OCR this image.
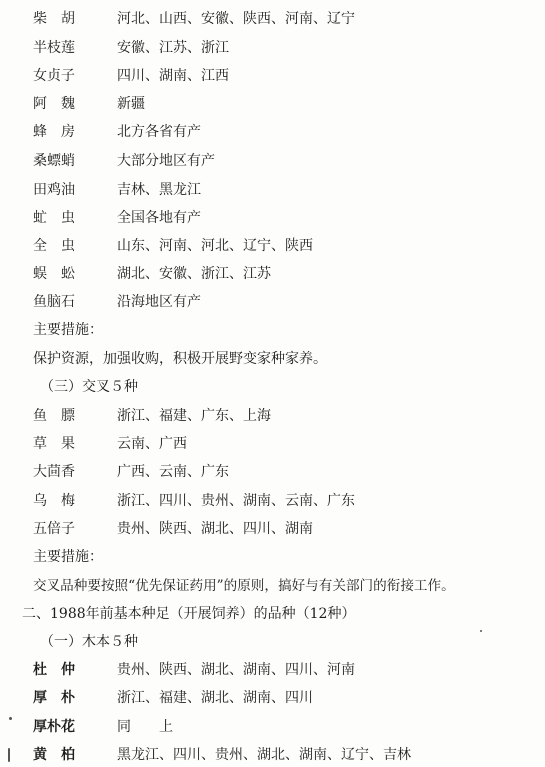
柴　胡	河北、山西、安徽、陕西、河南、辽宁
半枝莲	安徽、江苏、浙江
女贞子	四川、湖南、江西
阿　魏	新疆
蜂　房	北方各省有产
桑螵蛸	大部分地区有产
田鸡油	吉林、黑龙江
虻　虫	全国各地有产
全　虫	山东、河南、河北、辽宁、陕西
蜈　蚣	湖北、安徽、浙江、江苏
鱼脑石	沿海地区有产
主要措施：
保护资源，加强收购，积极开展野变家种家养。
（三）交叉５种
鱼　膘	浙江、福建、广东、上海
草　果	云南、广西
大茴香	广西、云南、广东
乌　梅	浙江、四川、贵州、湖南、云南、广东
五倍子	贵州、陕西、湖北、四川、湖南
主要措施：
交叉品种要按照“优先保证药用”的原则，搞好与有关部门的衔接工作。
二、1988年前基本种足（开展饲养）的品种（12种）
（一）木本５种
杜　仲	贵州、陕西、湖北、湖南、四川、河南
厚　朴	浙江、福建、湖北、湖南、四川
厚朴花	同　　上
黄　柏	黑龙江、四川、贵州、湖北、湖南、辽宁、吉林
